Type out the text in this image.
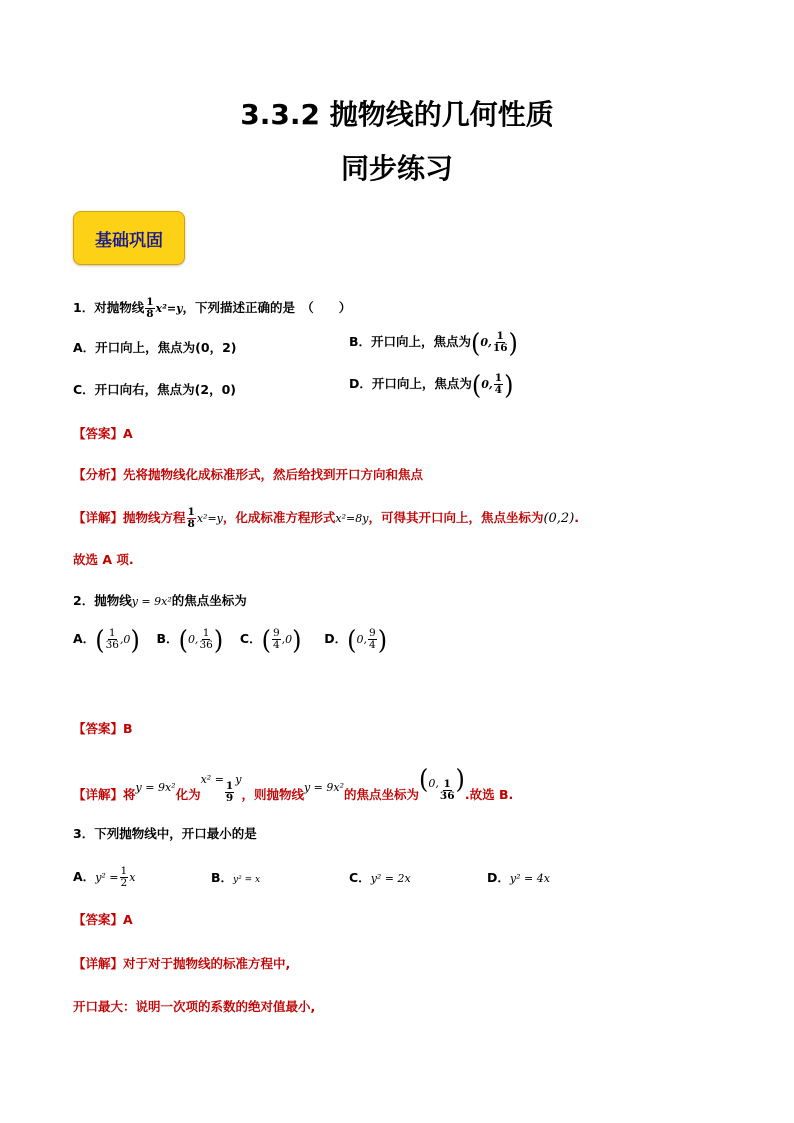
3.3.2 抛物线的几何性质
同步练习
基础巩固
1．对抛物线 $\frac{1}{8} x^2=y$，下列描述正确的是　（　　）
A．开口向上，焦点为(0，2)	B．开口向上，焦点为(0, $\frac{1}{16}$ )
C．开口向右，焦点为(2，0)	D．开口向上，焦点为(0, $\frac{1}{4}$ )
【答案】A
【分析】先将抛物线化成标准形式，然后给找到开口方向和焦点
【详解】抛物线方程 $\frac{1}{8} x^2=y$，化成标准方程形式x²=8y，可得其开口向上，焦点坐标为(0,2).
故选 A 项.
2．抛物线y = 9x²的焦点坐标为
A．( $\frac{1}{36} ,0$) B．(0, $\frac{1}{36}$ ) C．( $\frac{9}{4} ,0$) D．(0, $\frac{9}{4}$ )
【答案】B
【详解】将y = 9x²化为x² =
$\frac{1}{9}$
y，则抛物线y = 9x²的焦点坐标为(0, $\frac{1}{36}$ ).故选 B.
3．下列抛物线中，开口最小的是
A．$y^2 = \frac{1}{2}$ x	B．y² = x	C．y² = 2x	D．y² = 4x
【答案】A
【详解】对于对于抛物线的标准方程中,
开口最大：说明一次项的系数的绝对值最小,
